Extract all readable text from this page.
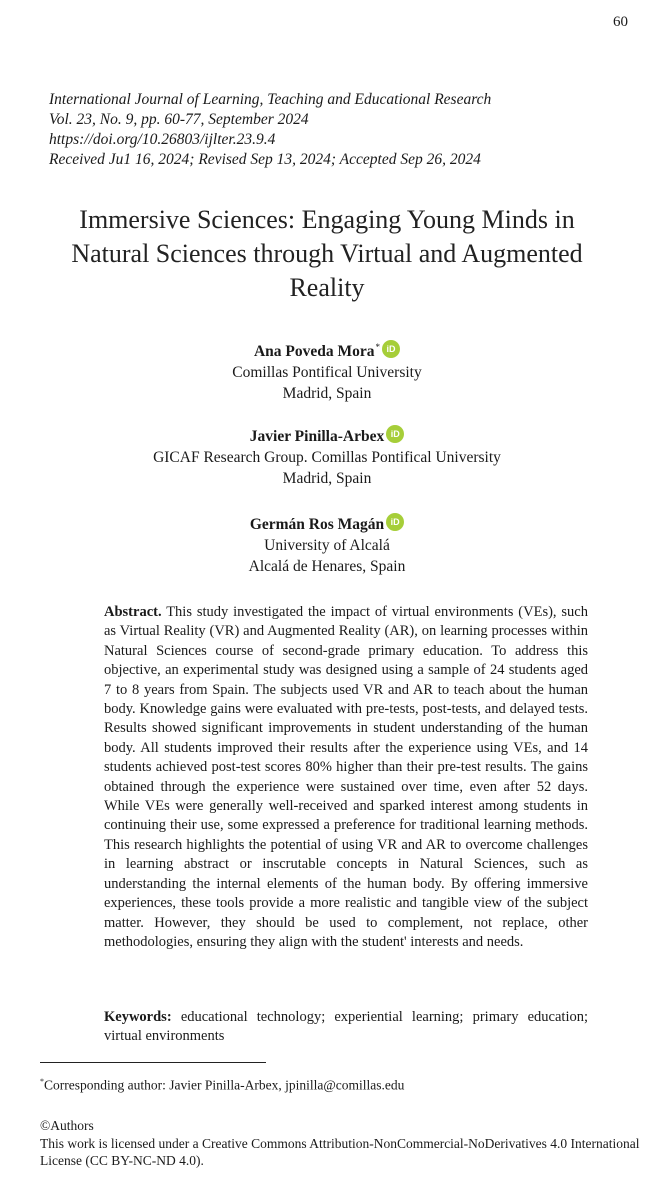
60
International Journal of Learning, Teaching and Educational Research
Vol. 23, No. 9, pp. 60-77, September 2024
https://doi.org/10.26803/ijlter.23.9.4
Received Ju1 16, 2024; Revised Sep 13, 2024; Accepted Sep 26, 2024
Immersive Sciences: Engaging Young Minds in Natural Sciences through Virtual and Augmented Reality
Ana Poveda Mora* iD
Comillas Pontifical University
Madrid, Spain
Javier Pinilla-Arbex iD
GICAF Research Group. Comillas Pontifical University
Madrid, Spain
Germán Ros Magán iD
University of Alcalá
Alcalá de Henares, Spain
Abstract. This study investigated the impact of virtual environments (VEs), such as Virtual Reality (VR) and Augmented Reality (AR), on learning processes within Natural Sciences course of second-grade primary education. To address this objective, an experimental study was designed using a sample of 24 students aged 7 to 8 years from Spain. The subjects used VR and AR to teach about the human body. Knowledge gains were evaluated with pre-tests, post-tests, and delayed tests. Results showed significant improvements in student understanding of the human body. All students improved their results after the experience using VEs, and 14 students achieved post-test scores 80% higher than their pre-test results. The gains obtained through the experience were sustained over time, even after 52 days. While VEs were generally well-received and sparked interest among students in continuing their use, some expressed a preference for traditional learning methods. This research highlights the potential of using VR and AR to overcome challenges in learning abstract or inscrutable concepts in Natural Sciences, such as understanding the internal elements of the human body. By offering immersive experiences, these tools provide a more realistic and tangible view of the subject matter. However, they should be used to complement, not replace, other methodologies, ensuring they align with the student' interests and needs.
Keywords: educational technology; experiential learning; primary education; virtual environments
*Corresponding author: Javier Pinilla-Arbex, jpinilla@comillas.edu
©Authors
This work is licensed under a Creative Commons Attribution-NonCommercial-NoDerivatives 4.0 International License (CC BY-NC-ND 4.0).
